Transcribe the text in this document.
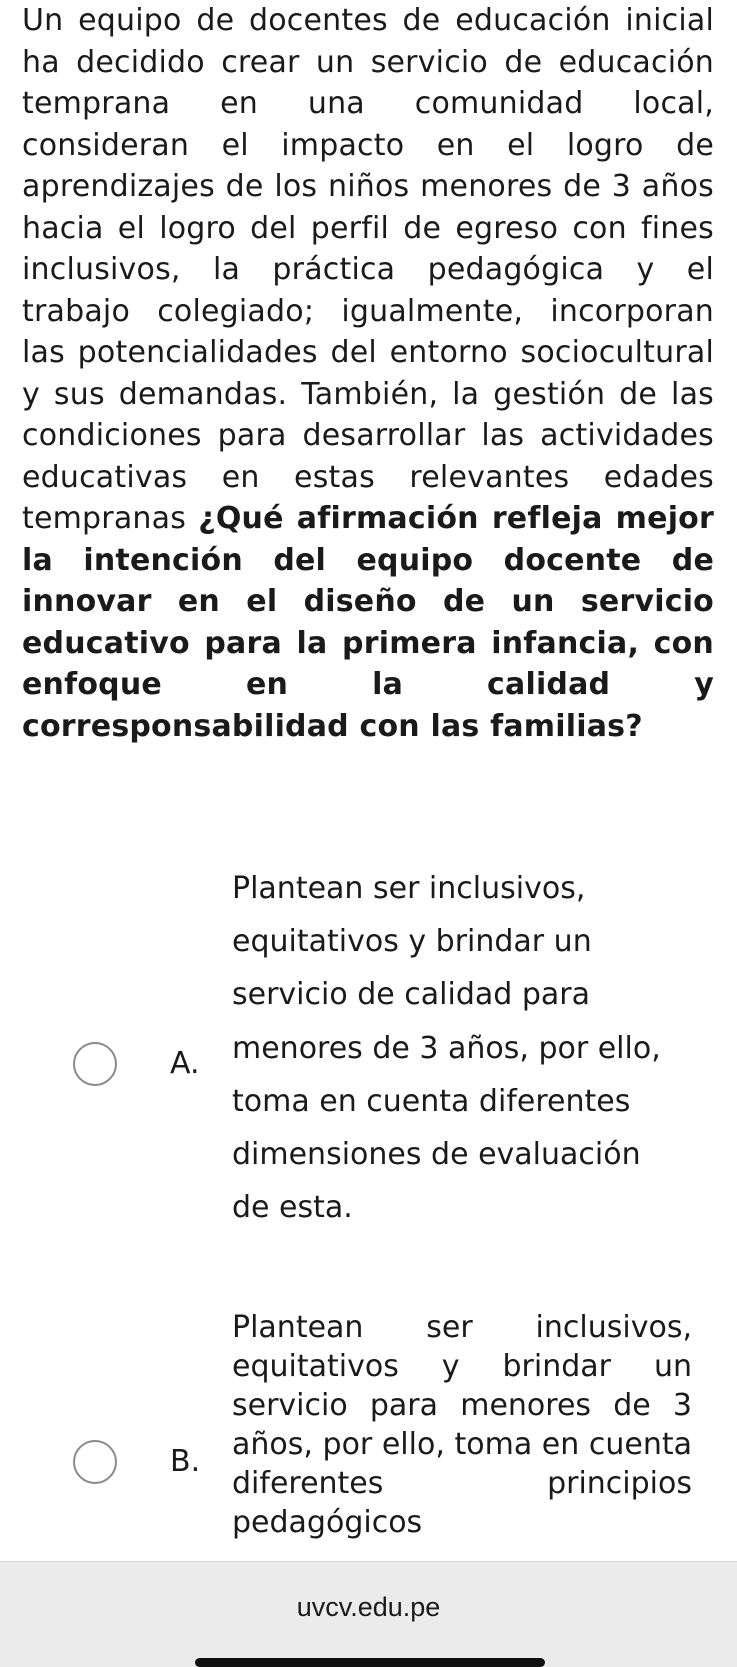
Un equipo de docentes de educación inicial ha decidido crear un servicio de educación temprana en una comunidad local, consideran el impacto en el logro de aprendizajes de los niños menores de 3 años hacia el logro del perfil de egreso con fines inclusivos, la práctica pedagógica y el trabajo colegiado; igualmente, incorporan las potencialidades del entorno sociocultural y sus demandas. También, la gestión de las condiciones para desarrollar las actividades educativas en estas relevantes edades tempranas ¿Qué afirmación refleja mejor la intención del equipo docente de innovar en el diseño de un servicio educativo para la primera infancia, con enfoque en la calidad y corresponsabilidad con las familias?
A.
Plantean ser inclusivos, equitativos y brindar un servicio de calidad para menores de 3 años, por ello, toma en cuenta diferentes dimensiones de evaluación de esta.
B.
Plantean ser inclusivos, equitativos y brindar un servicio para menores de 3 años, por ello, toma en cuenta diferentes principios pedagógicos
uvcv.edu.pe
